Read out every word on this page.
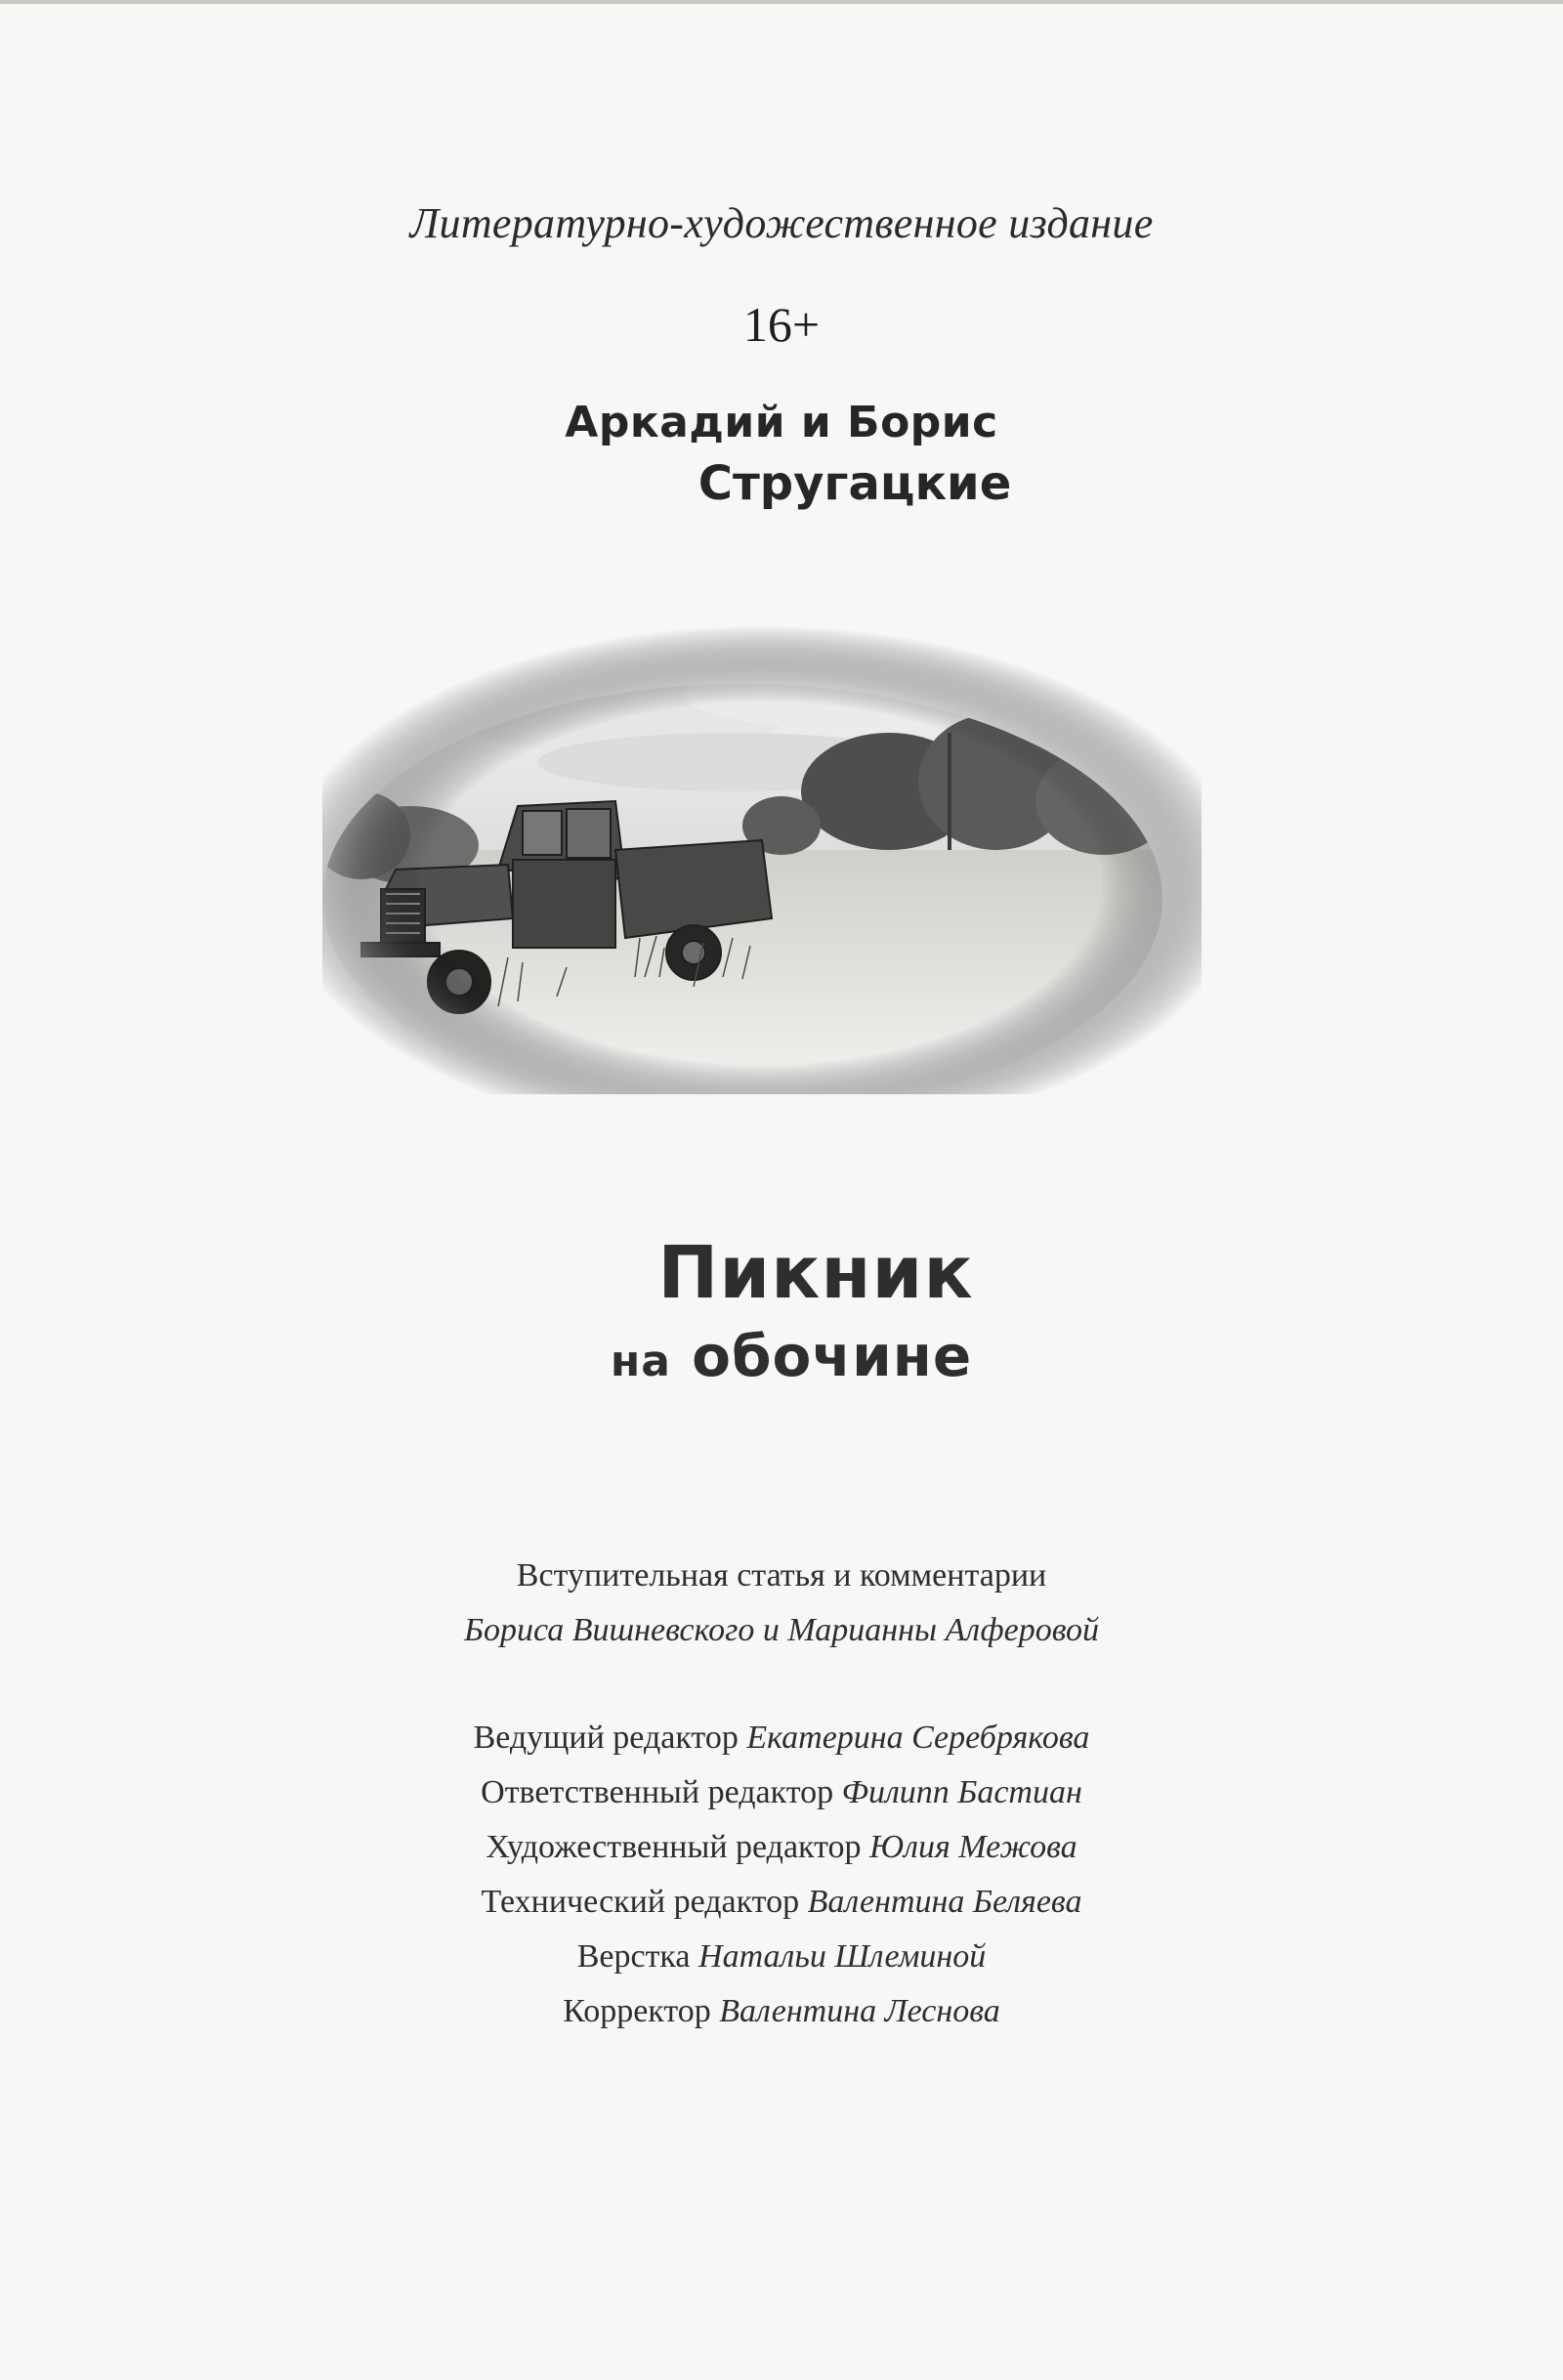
Литературно-художественное издание
16+
Аркадий и Борис
Стругацкие
Пикник
на обочине
Вступительная статья и комментарии
Бориса Вишневского и Марианны Алферовой
Ведущий редактор Екатерина Серебрякова
Ответственный редактор Филипп Бастиан
Художественный редактор Юлия Межова
Технический редактор Валентина Беляева
Верстка Натальи Шлеминой
Корректор Валентина Леснова
